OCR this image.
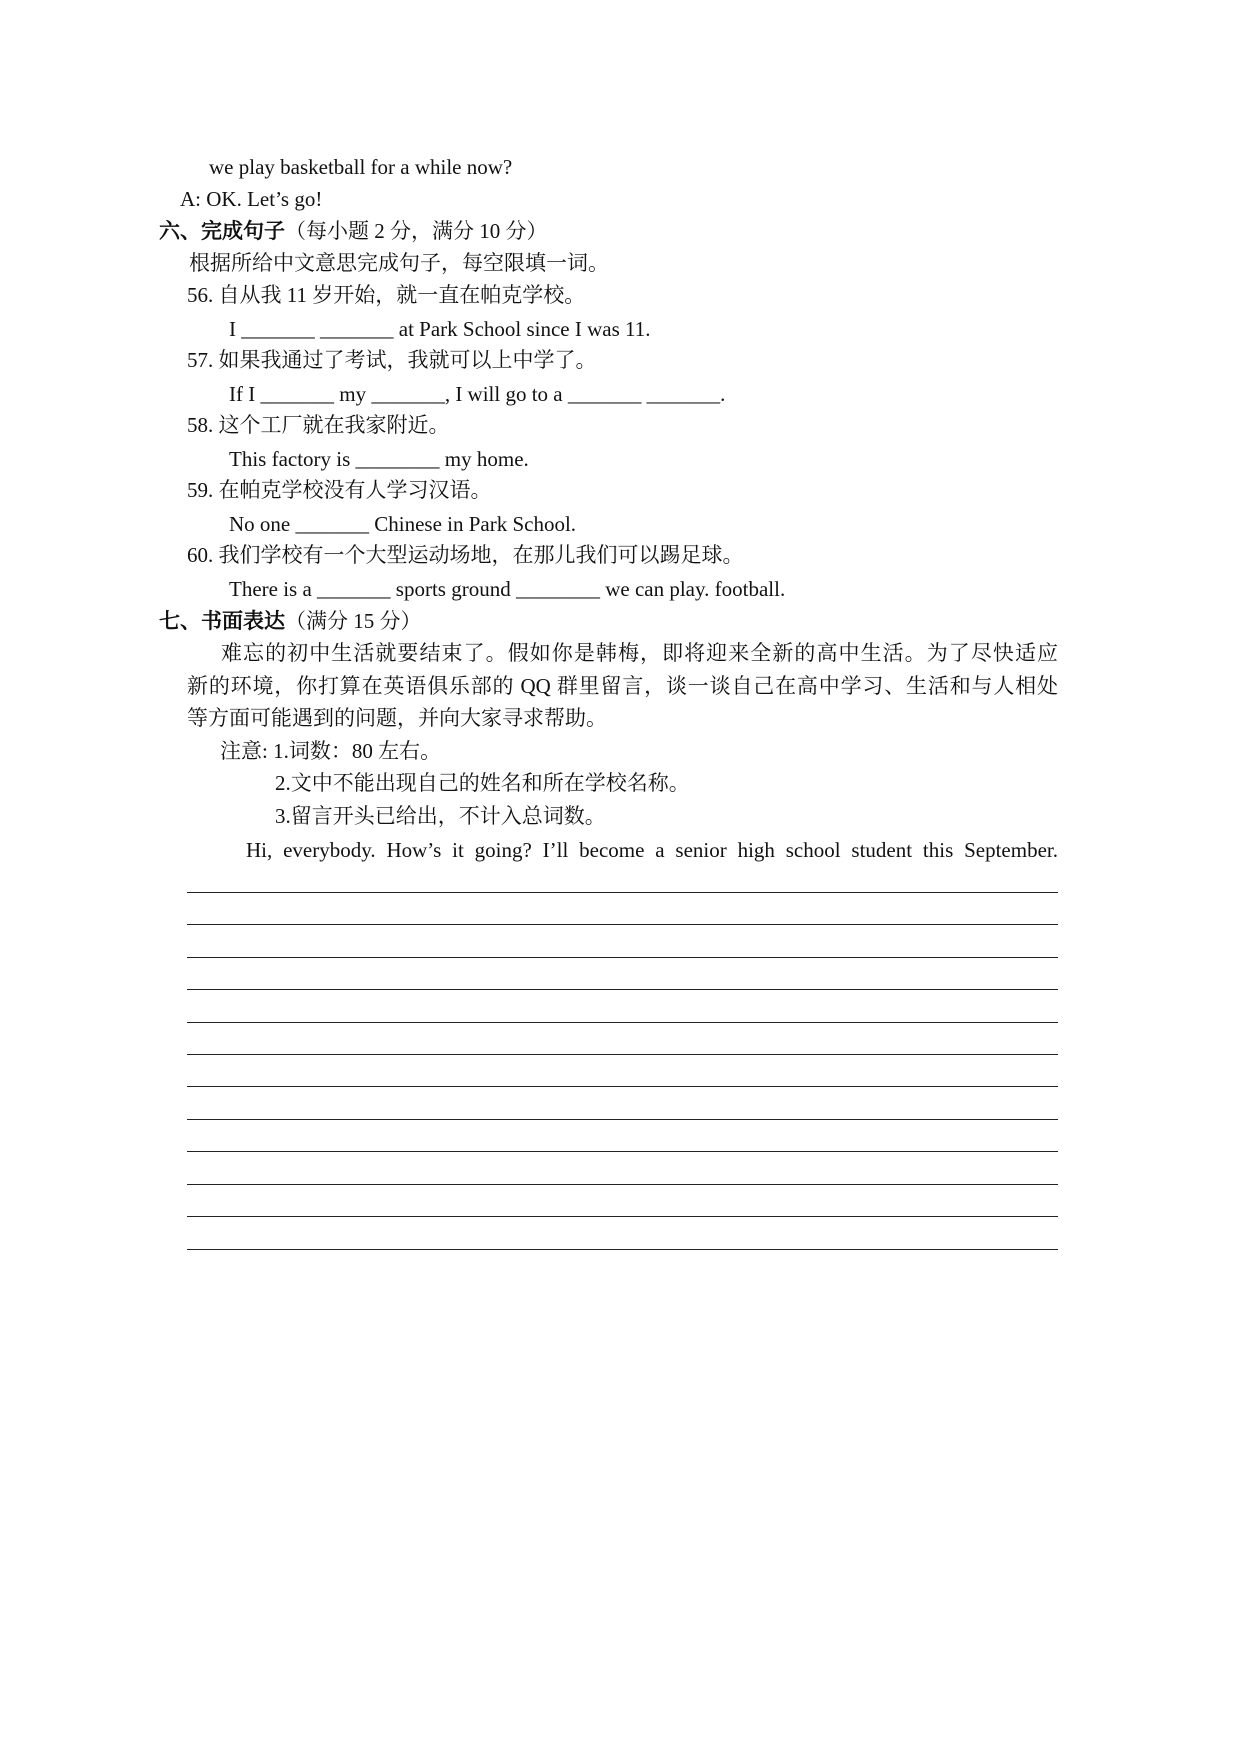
we play basketball for a while now?
A: OK. Let’s go!
六、完成句子（每小题 2 分，满分 10 分）
根据所给中文意思完成句子，每空限填一词。
56. 自从我 11 岁开始，就一直在帕克学校。
I _______ _______ at Park School since I was 11.
57. 如果我通过了考试，我就可以上中学了。
If I _______ my _______, I will go to a _______ _______.
58. 这个工厂就在我家附近。
This factory is ________ my home.
59. 在帕克学校没有人学习汉语。
No one _______ Chinese in Park School.
60. 我们学校有一个大型运动场地，在那儿我们可以踢足球。
There is a _______ sports ground ________ we can play. football.
七、书面表达（满分 15 分）
难忘的初中生活就要结束了。假如你是韩梅，即将迎来全新的高中生活。为了尽快适应
新的环境，你打算在英语俱乐部的 QQ 群里留言，谈一谈自己在高中学习、生活和与人相处
等方面可能遇到的问题，并向大家寻求帮助。
注意: 1.词数：80 左右。
2.文中不能出现自己的姓名和所在学校名称。
3.留言开头已给出，不计入总词数。
Hi, everybody. How’s it going? I’ll become a senior high school student this September.
